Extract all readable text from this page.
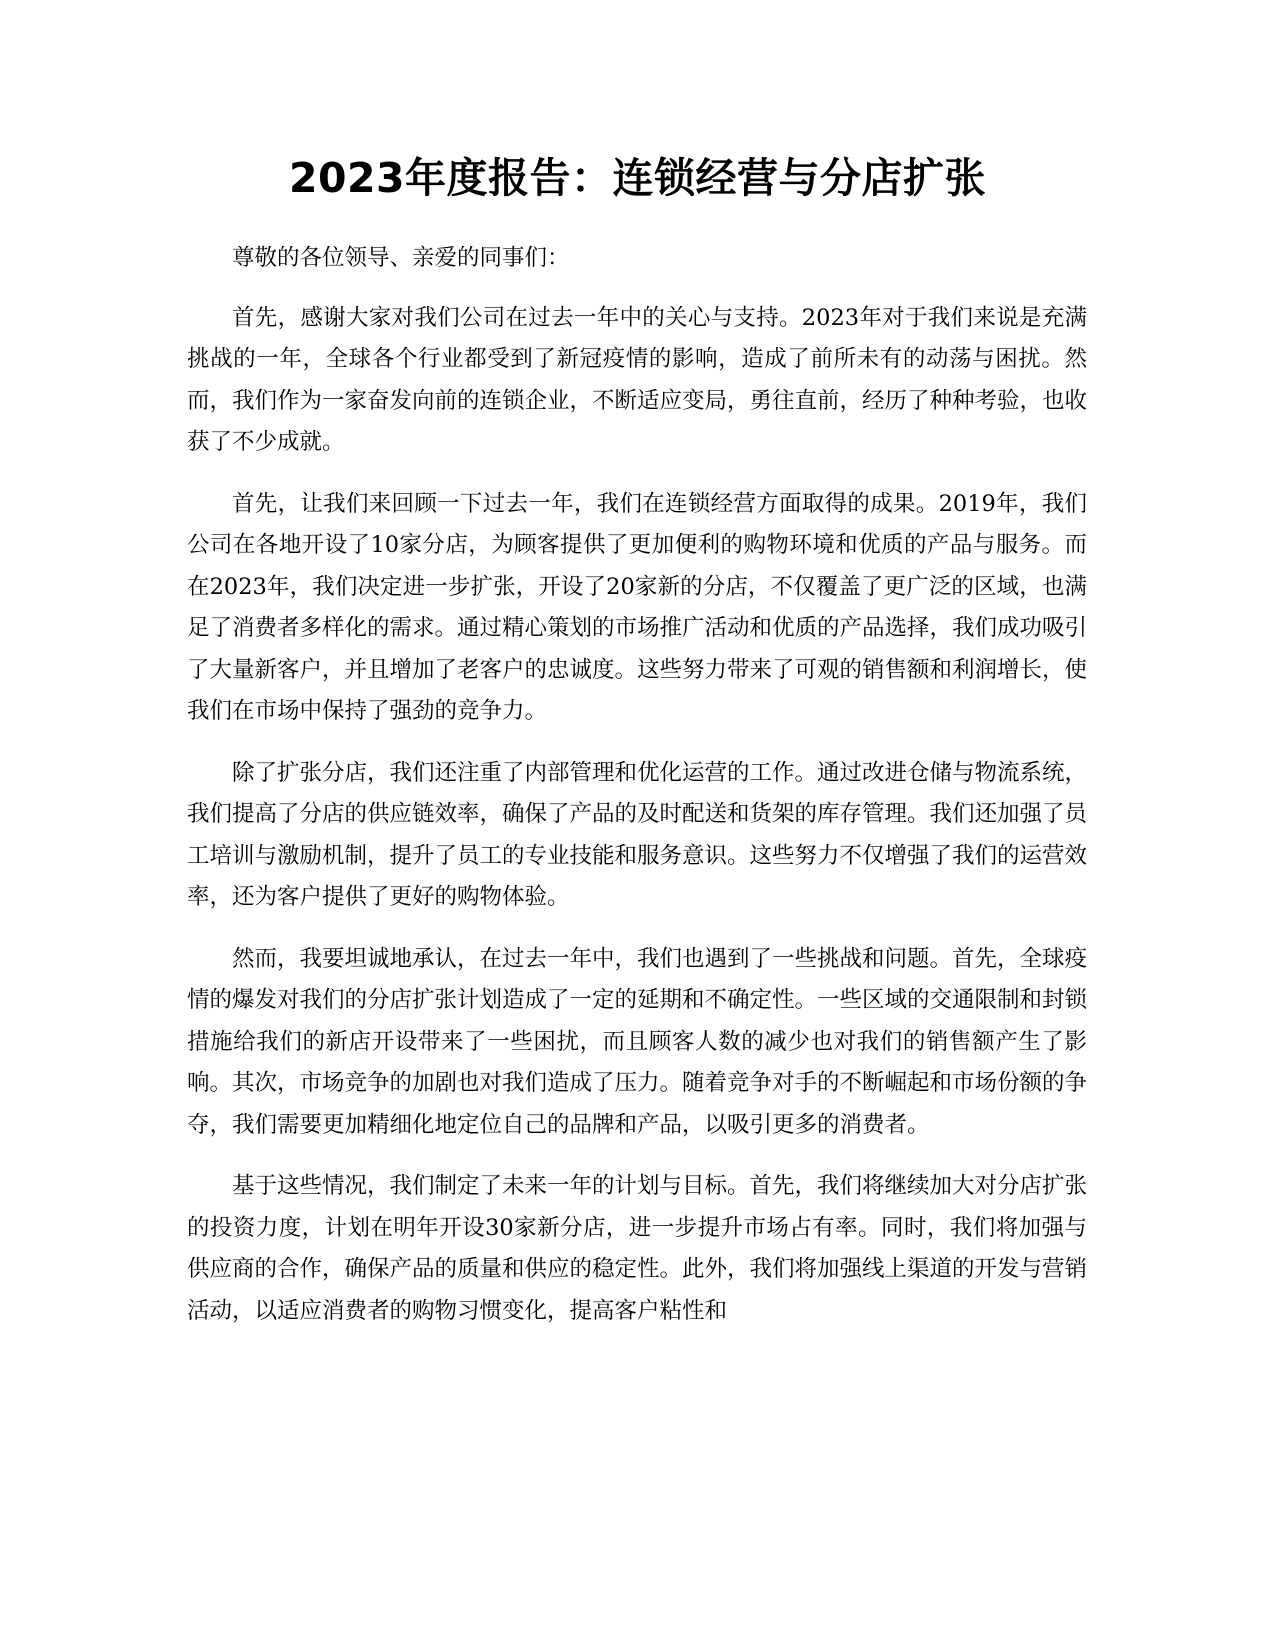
2023年度报告：连锁经营与分店扩张

尊敬的各位领导、亲爱的同事们：

首先，感谢大家对我们公司在过去一年中的关心与支持。2023年对于我们来说是充满挑战的一年，全球各个行业都受到了新冠疫情的影响，造成了前所未有的动荡与困扰。然而，我们作为一家奋发向前的连锁企业，不断适应变局，勇往直前，经历了种种考验，也收获了不少成就。

首先，让我们来回顾一下过去一年，我们在连锁经营方面取得的成果。2019年，我们公司在各地开设了10家分店，为顾客提供了更加便利的购物环境和优质的产品与服务。而在2023年，我们决定进一步扩张，开设了20家新的分店，不仅覆盖了更广泛的区域，也满足了消费者多样化的需求。通过精心策划的市场推广活动和优质的产品选择，我们成功吸引了大量新客户，并且增加了老客户的忠诚度。这些努力带来了可观的销售额和利润增长，使我们在市场中保持了强劲的竞争力。

除了扩张分店，我们还注重了内部管理和优化运营的工作。通过改进仓储与物流系统，我们提高了分店的供应链效率，确保了产品的及时配送和货架的库存管理。我们还加强了员工培训与激励机制，提升了员工的专业技能和服务意识。这些努力不仅增强了我们的运营效率，还为客户提供了更好的购物体验。

然而，我要坦诚地承认，在过去一年中，我们也遇到了一些挑战和问题。首先，全球疫情的爆发对我们的分店扩张计划造成了一定的延期和不确定性。一些区域的交通限制和封锁措施给我们的新店开设带来了一些困扰，而且顾客人数的减少也对我们的销售额产生了影响。其次，市场竞争的加剧也对我们造成了压力。随着竞争对手的不断崛起和市场份额的争夺，我们需要更加精细化地定位自己的品牌和产品，以吸引更多的消费者。

基于这些情况，我们制定了未来一年的计划与目标。首先，我们将继续加大对分店扩张的投资力度，计划在明年开设30家新分店，进一步提升市场占有率。同时，我们将加强与供应商的合作，确保产品的质量和供应的稳定性。此外，我们将加强线上渠道的开发与营销活动，以适应消费者的购物习惯变化，提高客户粘性和
